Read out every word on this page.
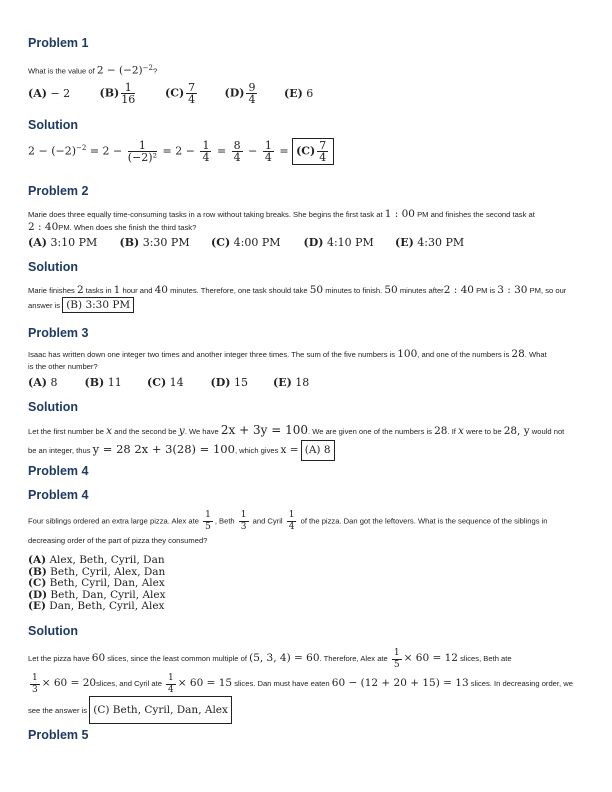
Problem 1

What is the value of $2 - (-2)^{-2}$?

(A) − 2	$(B) \frac{1}{16}$	$(C) \frac{7}{4} (D) \frac{9}{4} (E)$ 6
Solution
$2 - (-2)^{-2} = 2 - \frac{1}{\text{(−2)²}} = 2 - \frac{1}{4} = \frac{8}{4} - \frac{1}{4} = (C) \frac{7}{4}$
Problem 2

Marie does three equally time-consuming tasks in a row without taking breaks. She begins the first task at 1 : 00 PM and finishes the second task at
2 : 40PM. When does she finish the third task?

(A) 3:10 PM (B) 3:30 PM (C) 4:00 PM (D) 4:10 PM (E) 4:30 PM
Solution

Marie finishes 2 tasks in 1 hour and 40 minutes. Therefore, one task should take 50 minutes to finish. 50 minutes after2 : 40 PM is 3 : 30 PM, so our
answer is (B) 3:30 PM

Problem 3

Isaac has written down one integer two times and another integer three times. The sum of the five numbers is 100, and one of the numbers is 28. What
is the other number?

(A) 8 (B) 11 (C) 14 (D) 15 (E) 18
Solution

Let the first number be x and the second be y. We have 2x + 3y = 100. We are given one of the numbers is 28. If x were to be 28, y would not
be an integer, thus y = 28 2x + 3(28) = 100, which gives x = (A) 8

Problem 4
Problem 4

Four siblings ordered an extra large pizza. Alex ate $\frac{1}{5}$ , Beth $\frac{1}{3}$ and Cyril $\frac{1}{4}$ of the pizza. Dan got the leftovers. What is the sequence of the siblings in
decreasing order of the part of pizza they consumed?

(A) Alex, Beth, Cyril, Dan
(B) Beth, Cyril, Alex, Dan
(C) Beth, Cyril, Dan, Alex
(D) Beth, Dan, Cyril, Alex
(E) Dan, Beth, Cyril, Alex
Solution

Let the pizza have 60 slices, since the least common multiple of (5, 3, 4) = 60. Therefore, Alex ate $\frac{1}{5} \times 60 = 12$ slices, Beth ate

$\frac{1}{3} \times 60$ = 20slices, and Cyril ate $\frac{1}{4} \times 60 = 15$ slices. Dan must have eaten 60 − (12 + 20 + 15) = 13 slices. In decreasing order, we
see the answer is (C) Beth, Cyril, Dan, Alex

Problem 5
